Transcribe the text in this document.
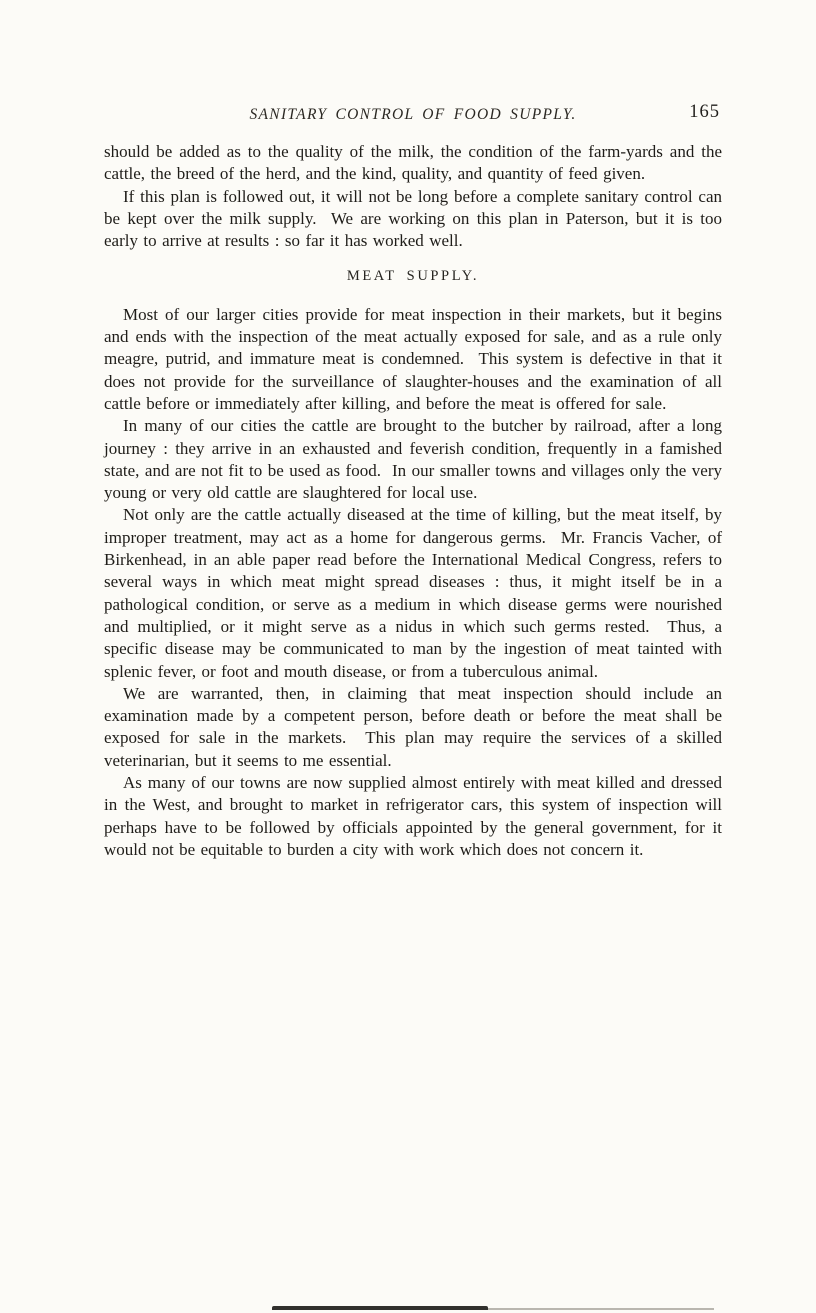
SANITARY CONTROL OF FOOD SUPPLY.	165

should be added as to the quality of the milk, the condition of the farm-yards and the cattle, the breed of the herd, and the kind, quality, and quantity of feed given.

If this plan is followed out, it will not be long before a complete sanitary control can be kept over the milk supply.  We are working on this plan in Paterson, but it is too early to arrive at results : so far it has worked well.

MEAT SUPPLY.

Most of our larger cities provide for meat inspection in their markets, but it begins and ends with the inspection of the meat actually exposed for sale, and as a rule only meagre, putrid, and immature meat is condemned.  This system is defective in that it does not provide for the surveillance of slaughter-houses and the examination of all cattle before or immediately after killing, and before the meat is offered for sale.

In many of our cities the cattle are brought to the butcher by railroad, after a long journey : they arrive in an exhausted and feverish condition, frequently in a famished state, and are not fit to be used as food.  In our smaller towns and villages only the very young or very old cattle are slaughtered for local use.

Not only are the cattle actually diseased at the time of killing, but the meat itself, by improper treatment, may act as a home for dangerous germs.  Mr. Francis Vacher, of Birkenhead, in an able paper read before the International Medical Congress, refers to several ways in which meat might spread diseases : thus, it might itself be in a pathological condition, or serve as a medium in which disease germs were nourished and multiplied, or it might serve as a nidus in which such germs rested.  Thus, a specific disease may be communicated to man by the ingestion of meat tainted with splenic fever, or foot and mouth disease, or from a tuberculous animal.

We are warranted, then, in claiming that meat inspection should include an examination made by a competent person, before death or before the meat shall be exposed for sale in the markets.  This plan may require the services of a skilled veterinarian, but it seems to me essential.

As many of our towns are now supplied almost entirely with meat killed and dressed in the West, and brought to market in refrigerator cars, this system of inspection will perhaps have to be followed by officials appointed by the general government, for it would not be equitable to burden a city with work which does not concern it.
